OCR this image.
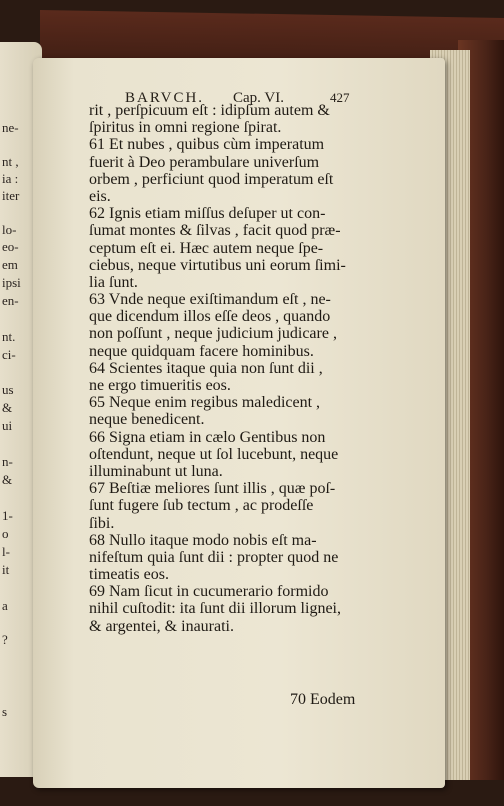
ne-
nt ,
ia :
iter
lo-
eo-
em
ipsi
en-
nt.
ci-
us
&
ui
n-
&
1-
o
l-
it
a
?
s
BARVCH. Cap. VI.	427
rit , perſpicuum eſt : idipſum autem &
ſpiritus in omni regione ſpirat.
61 Et nubes , quibus cùm imperatum
fuerit à Deo perambulare univerſum
orbem , perficiunt quod imperatum eſt
eis.
62 Ignis etiam miſſus deſuper ut con-
ſumat montes & ſilvas , facit quod præ-
ceptum eſt ei. Hæc autem neque ſpe-
ciebus, neque virtutibus uni eorum ſimi-
lia ſunt.
63 Vnde neque exiſtimandum eſt , ne-
que dicendum illos eſſe deos , quando
non poſſunt , neque judicium judicare ,
neque quidquam facere hominibus.
64 Scientes itaque quia non ſunt dii ,
ne ergo timueritis eos.
65 Neque enim regibus maledicent ,
neque benedicent.
66 Signa etiam in cælo Gentibus non
oſtendunt, neque ut ſol lucebunt, neque
illuminabunt ut luna.
67 Beſtiæ meliores ſunt illis , quæ poſ-
ſunt fugere ſub tectum , ac prodeſſe
ſibi.
68 Nullo itaque modo nobis eſt ma-
nifeſtum quia ſunt dii : propter quod ne
timeatis eos.
69 Nam ſicut in cucumerario formido
nihil cuſtodit: ita ſunt dii illorum lignei,
& argentei, & inaurati.
70 Eodem
